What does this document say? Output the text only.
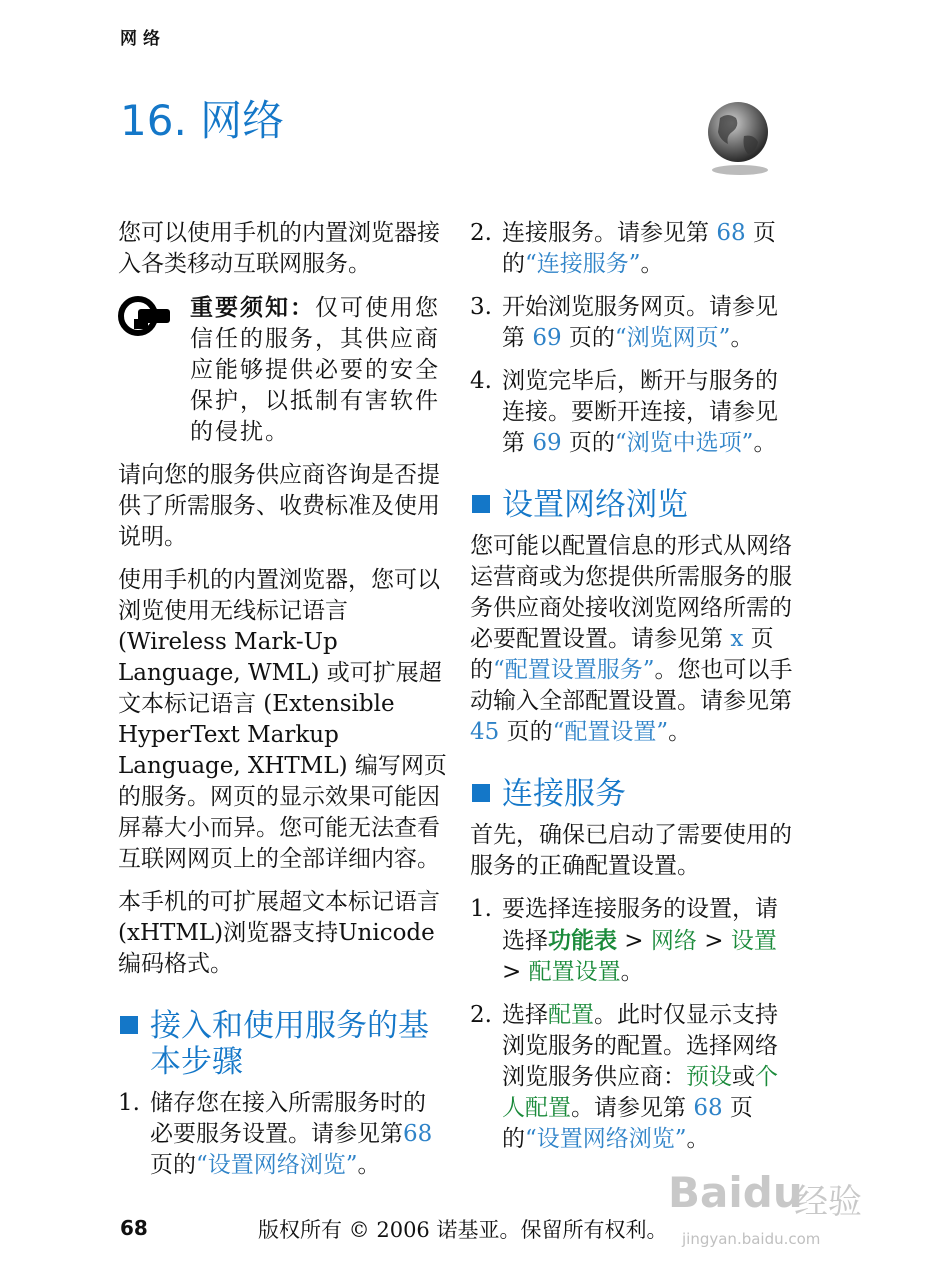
网络
16. 网络

您可以使用手机的内置浏览器接入各类移动互联网服务。

重要须知：仅可使用您信任的服务，其供应商应能够提供必要的安全保护，以抵制有害软件的侵扰。

请向您的服务供应商咨询是否提供了所需服务、收费标准及使用说明。

使用手机的内置浏览器，您可以浏览使用无线标记语言 (Wireless Mark-Up Language, WML) 或可扩展超文本标记语言 (Extensible HyperText Markup Language, XHTML) 编写网页的服务。网页的显示效果可能因屏幕大小而异。您可能无法查看互联网网页上的全部详细内容。

本手机的可扩展超文本标记语言(xHTML)浏览器支持Unicode 编码格式。

接入和使用服务的基本步骤
1. 储存您在接入所需服务时的必要服务设置。请参见第68 页的“设置网络浏览”。
2. 连接服务。请参见第 68 页的“连接服务”。
3. 开始浏览服务网页。请参见第 69 页的“浏览网页”。
4. 浏览完毕后，断开与服务的连接。要断开连接，请参见第 69 页的“浏览中选项”。
设置网络浏览

您可能以配置信息的形式从网络运营商或为您提供所需服务的服务供应商处接收浏览网络所需的必要配置设置。请参见第 x 页的“配置设置服务”。您也可以手动输入全部配置设置。请参见第 45 页的“配置设置”。

连接服务

首先，确保已启动了需要使用的服务的正确配置设置。

1. 要选择连接服务的设置，请选择功能表 > 网络 > 设置 > 配置设置。
2. 选择配置。此时仅显示支持浏览服务的配置。选择网络浏览服务供应商：预设或个人配置。请参见第 68 页的“设置网络浏览”。
Baidu
经验
jingyan.baidu.com
68	版权所有 © 2006 诺基亚。保留所有权利。
